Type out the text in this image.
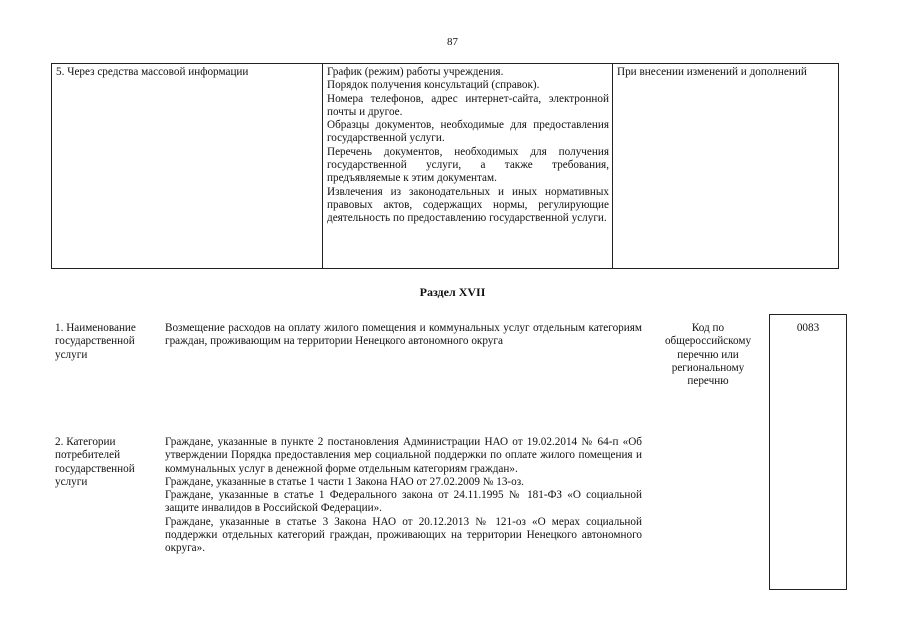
87
5. Через средства массовой информации	График (режим) работы учреждения.

Порядок получения консультаций (справок).

Номера телефонов, адрес интернет-сайта, электронной почты и другое.

Образцы документов, необходимые для предоставления государственной услуги.

Перечень документов, необходимых для получения государственной услуги, а также требования, предъявляемые к этим документам.

Извлечения из законодательных и иных нормативных правовых актов, содержащих нормы, регулирующие деятельность по предоставлению государственной услуги.

При внесении изменений и дополнений

Раздел XVII
1. Наименование государственной услуги
Возмещение расходов на оплату жилого помещения и коммунальных услуг отдельным категориям граждан, проживающим на территории Ненецкого автономного округа
Код по общероссийскому перечню или региональному перечню
0083
2. Категории потребителей государственной услуги

Граждане, указанные в пункте 2 постановления Администрации НАО от 19.02.2014 № 64-п «Об утверждении Порядка предоставления мер социальной поддержки по оплате жилого помещения и коммунальных услуг в денежной форме отдельным категориям граждан».

Граждане, указанные в статье 1 части 1 Закона НАО от 27.02.2009 № 13-оз.

Граждане, указанные в статье 1 Федерального закона от 24.11.1995 № 181-ФЗ «О социальной защите инвалидов в Российской Федерации».

Граждане, указанные в статье 3 Закона НАО от 20.12.2013 № 121-оз «О мерах социальной поддержки отдельных категорий граждан, проживающих на территории Ненецкого автономного округа».
